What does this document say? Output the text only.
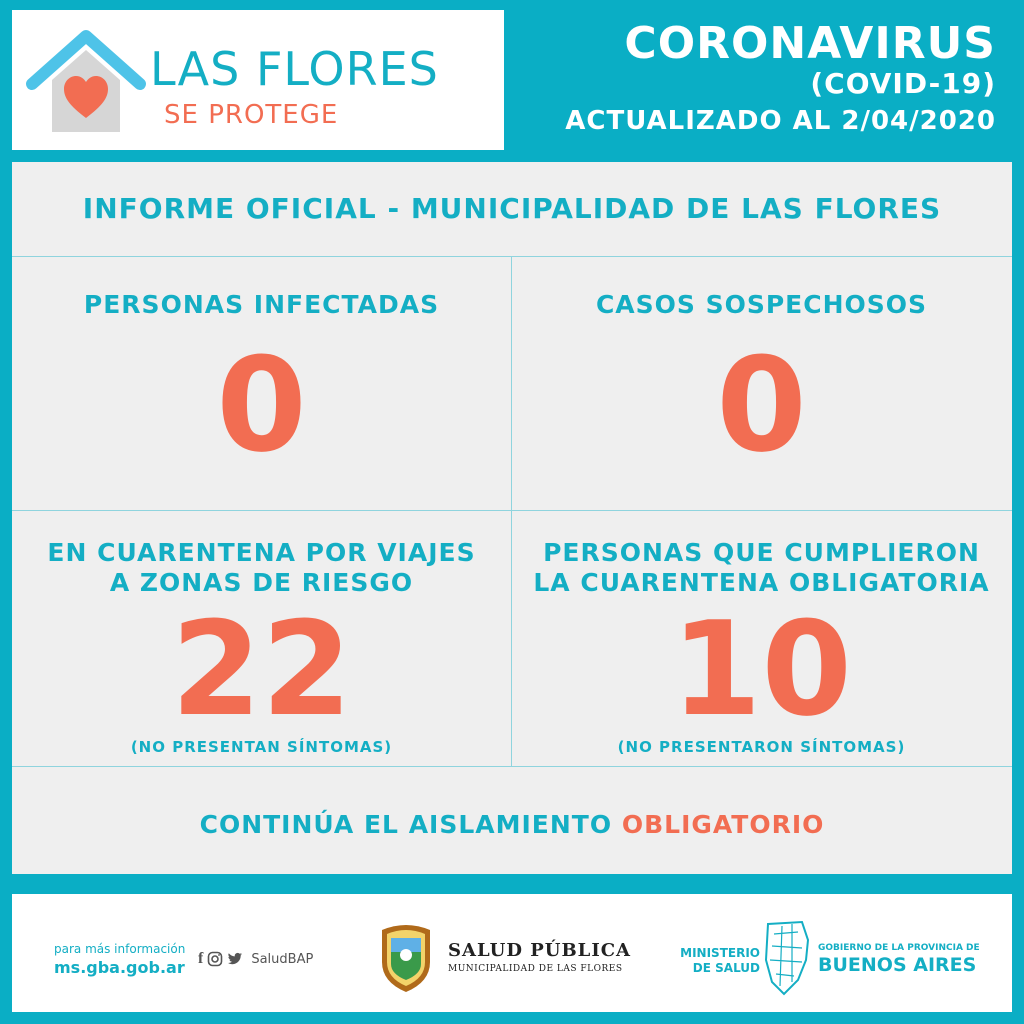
LAS FLORES
SE PROTEGE
CORONAVIRUS
(COVID-19)
ACTUALIZADO AL 2/04/2020
INFORME OFICIAL - MUNICIPALIDAD DE LAS FLORES
PERSONAS INFECTADAS
0
CASOS SOSPECHOSOS
0
EN CUARENTENA POR VIAJES
A ZONAS DE RIESGO
22
(NO PRESENTAN SÍNTOMAS)
PERSONAS QUE CUMPLIERON
LA CUARENTENA OBLIGATORIA
10
(NO PRESENTARON SÍNTOMAS)
CONTINÚA EL AISLAMIENTO OBLIGATORIO
para más información
ms.gba.gob.ar f	SaludBAP	SALUD PÚBLICA
MUNICIPALIDAD DE LAS FLORES
MINISTERIO
DE SALUD
GOBIERNO DE LA PROVINCIA DE
BUENOS AIRES
